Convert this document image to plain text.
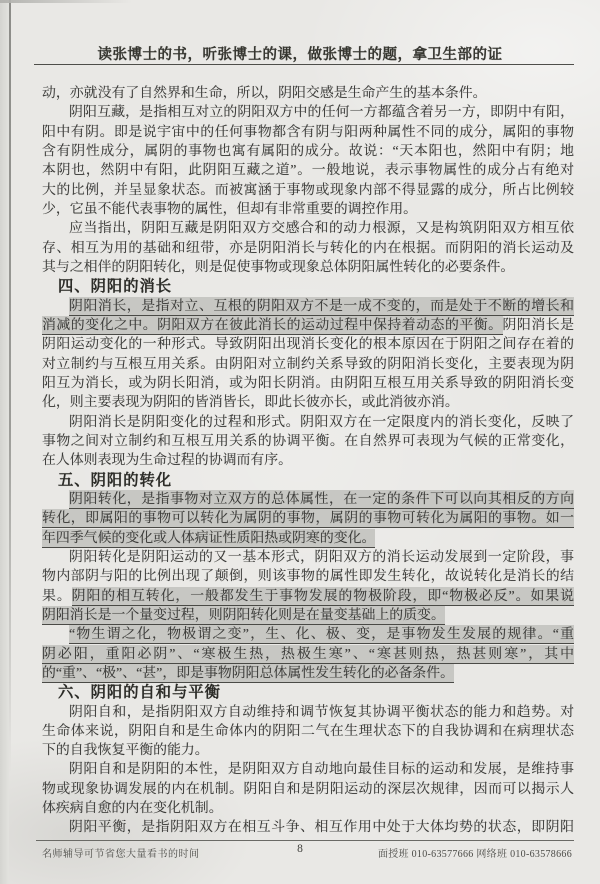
读张博士的书，听张博士的课，做张博士的题，拿卫生部的证
动，亦就没有了自然界和生命，所以，阴阳交感是生命产生的基本条件。
阴阳互藏，是指相互对立的阴阳双方中的任何一方都蕴含着另一方，即阴中有阳，
阳中有阴。即是说宇宙中的任何事物都含有阴与阳两种属性不同的成分，属阳的事物
含有阴性成分，属阴的事物也寓有属阳的成分。故说：“天本阳也，然阳中有阴；地
本阴也，然阴中有阳，此阴阳互藏之道”。一般地说，表示事物属性的成分占有绝对
大的比例，并呈显象状态。而被寓涵于事物或现象内部不得显露的成分，所占比例较
少，它虽不能代表事物的属性，但却有非常重要的调控作用。
应当指出，阴阳互藏是阴阳双方交感合和的动力根源，又是构筑阴阳双方相互依
存、相互为用的基础和纽带，亦是阴阳消长与转化的内在根据。而阴阳的消长运动及
其与之相伴的阴阳转化，则是促使事物或现象总体阴阳属性转化的必要条件。
四、阴阳的消长
阴阳消长，是指对立、互根的阴阳双方不是一成不变的，而是处于不断的增长和
消减的变化之中。阴阳双方在彼此消长的运动过程中保持着动态的平衡。阴阳消长是
阴阳运动变化的一种形式。导致阴阳出现消长变化的根本原因在于阴阳之间存在着的
对立制约与互根互用关系。由阴阳对立制约关系导致的阴阳消长变化，主要表现为阴
阳互为消长，或为阴长阳消，或为阳长阴消。由阴阳互根互用关系导致的阴阳消长变
化，则主要表现为阴阳的皆消皆长，即此长彼亦长，或此消彼亦消。
阴阳消长是阴阳变化的过程和形式。阴阳双方在一定限度内的消长变化，反映了
事物之间对立制约和互根互用关系的协调平衡。在自然界可表现为气候的正常变化，
在人体则表现为生命过程的协调而有序。
五、阴阳的转化
阴阳转化，是指事物对立双方的总体属性，在一定的条件下可以向其相反的方向
转化，即属阳的事物可以转化为属阴的事物，属阴的事物可转化为属阳的事物。如一
年四季气候的变化或人体病证性质阳热或阴寒的变化。
阴阳转化是阴阳运动的又一基本形式，阴阳双方的消长运动发展到一定阶段，事
物内部阴与阳的比例出现了颠倒，则该事物的属性即发生转化，故说转化是消长的结
果。阴阳的相互转化，一般都发生于事物发展的物极阶段，即“物极必反”。如果说
阴阳消长是一个量变过程，则阴阳转化则是在量变基础上的质变。
“物生谓之化，物极谓之变”，生、化、极、变，是事物发生发展的规律。“重
阴必阳，重阳必阴”、“寒极生热，热极生寒”、“寒甚则热，热甚则寒”，其中
的“重”、“极”、“甚”，即是事物阴阳总体属性发生转化的必备条件。
六、阴阳的自和与平衡
阴阳自和，是指阴阳双方自动维持和调节恢复其协调平衡状态的能力和趋势。对
生命体来说，阴阳自和是生命体内的阴阳二气在生理状态下的自我协调和在病理状态
下的自我恢复平衡的能力。
阴阳自和是阴阳的本性，是阴阳双方自动地向最佳目标的运动和发展，是维持事
物或现象协调发展的内在机制。阴阳自和是阴阳运动的深层次规律，因而可以揭示人
体疾病自愈的内在变化机制。
阴阳平衡，是指阴阳双方在相互斗争、相互作用中处于大体均势的状态，即阴阳
名师辅导可节省您大量看书的时间	8	面授班 010-63577666 网络班 010-63578666
